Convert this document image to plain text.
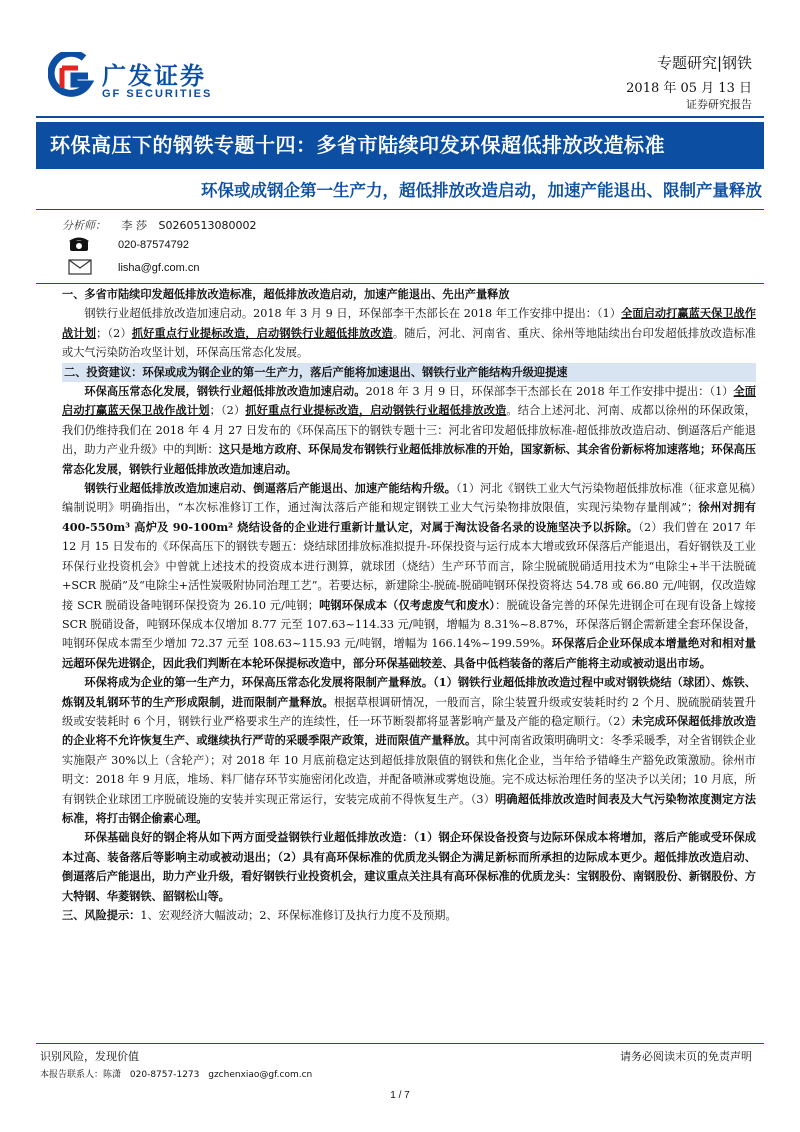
广发证券
GF SECURITIES
专题研究|钢铁
2018 年 05 月 13 日
证券研究报告
环保高压下的钢铁专题十四：多省市陆续印发环保超低排放改造标准
环保或成钢企第一生产力，超低排放改造启动，加速产能退出、限制产量释放
分析师： 李 莎 S0260513080002
020-87574792
lisha@gf.com.cn

一、多省市陆续印发超低排放改造标准，超低排放改造启动，加速产能退出、先出产量释放

钢铁行业超低排放改造加速启动。2018 年 3 月 9 日，环保部李干杰部长在 2018 年工作安排中提出：（1）全面启动打赢蓝天保卫战作战计划；（2）抓好重点行业提标改造，启动钢铁行业超低排放改造。随后，河北、河南省、重庆、徐州等地陆续出台印发超低排放改造标准或大气污染防治攻坚计划，环保高压常态化发展。

二、投资建议：环保或成为钢企业的第一生产力，落后产能将加速退出、钢铁行业产能结构升级迎提速

环保高压常态化发展，钢铁行业超低排放改造加速启动。2018 年 3 月 9 日，环保部李干杰部长在 2018 年工作安排中提出：（1）全面启动打赢蓝天保卫战作战计划；（2）抓好重点行业提标改造，启动钢铁行业超低排放改造。结合上述河北、河南、成都以徐州的环保政策，我们仍维持我们在 2018 年 4 月 27 日发布的《环保高压下的钢铁专题十三：河北省印发超低排放标准-超低排放改造启动、倒逼落后产能退出，助力产业升级》中的判断：这只是地方政府、环保局发布钢铁行业超低排放标准的开始，国家新标、其余省份新标将加速落地；环保高压常态化发展，钢铁行业超低排放改造加速启动。

钢铁行业超低排放改造加速启动、倒逼落后产能退出、加速产能结构升级。（1）河北《钢铁工业大气污染物超低排放标准（征求意见稿）编制说明》明确指出，“本次标准修订工作，通过淘汰落后产能和规定钢铁工业大气污染物排放限值，实现污染物存量削减”；徐州对拥有 400-550m³ 高炉及 90-100m² 烧结设备的企业进行重新计量认定，对属于淘汰设备名录的设施坚决予以拆除。（2）我们曾在 2017 年 12 月 15 日发布的《环保高压下的钢铁专题五：烧结球团排放标准拟提升-环保投资与运行成本大增或致环保落后产能退出，看好钢铁及工业环保行业投资机会》中曾就上述技术的投资成本进行测算，就球团（烧结）生产环节而言，除尘脱硫脱硝适用技术为“电除尘+半干法脱硫+SCR 脱硝”及“电除尘+活性炭吸附协同治理工艺”。若要达标，新建除尘-脱硫-脱硝吨钢环保投资将达 54.78 或 66.80 元/吨钢，仅改造嫁接 SCR 脱硝设备吨钢环保投资为 26.10 元/吨钢；吨钢环保成本（仅考虑废气和废水）：脱硫设备完善的环保先进钢企可在现有设备上嫁接 SCR 脱硝设备，吨钢环保成本仅增加 8.77 元至 107.63~114.33 元/吨钢，增幅为 8.31%~8.87%，环保落后钢企需新建全套环保设备，吨钢环保成本需至少增加 72.37 元至 108.63~115.93 元/吨钢，增幅为 166.14%~199.59%。环保落后企业环保成本增量绝对和相对量远超环保先进钢企，因此我们判断在本轮环保提标改造中，部分环保基础较差、具备中低档装备的落后产能将主动或被动退出市场。

环保将成为企业的第一生产力，环保高压常态化发展将限制产量释放。（1）钢铁行业超低排放改造过程中或对钢铁烧结（球团）、炼铁、炼钢及轧钢环节的生产形成限制，进而限制产量释放。根据草根调研情况，一般而言，除尘装置升级或安装耗时约 2 个月、脱硫脱硝装置升级或安装耗时 6 个月，钢铁行业严格要求生产的连续性，任一环节断裂都将显著影响产量及产能的稳定顺行。（2）未完成环保超低排放改造的企业将不允许恢复生产、或继续执行严苛的采暖季限产政策，进而限值产量释放。其中河南省政策明确明文：冬季采暖季，对全省钢铁企业实施限产 30%以上（含轮产）；对 2018 年 10 月底前稳定达到超低排放限值的钢铁和焦化企业，当年给予错峰生产豁免政策激励。徐州市明文：2018 年 9 月底，堆场、料厂储存环节实施密闭化改造，并配备喷淋或雾炮设施。完不成达标治理任务的坚决予以关闭；10 月底，所有钢铁企业球团工序脱硫设施的安装并实现正常运行，安装完成前不得恢复生产。（3）明确超低排放改造时间表及大气污染物浓度测定方法标准，将打击钢企偷素心理。

环保基础良好的钢企将从如下两方面受益钢铁行业超低排放改造：（1）钢企环保设备投资与边际环保成本将增加，落后产能或受环保成本过高、装备落后等影响主动或被动退出；（2）具有高环保标准的优质龙头钢企为满足新标而所承担的边际成本更少。超低排放改造启动、倒逼落后产能退出，助力产业升级，看好钢铁行业投资机会，建议重点关注具有高环保标准的优质龙头：宝钢股份、南钢股份、新钢股份、方大特钢、华菱钢铁、韶钢松山等。

三、风险提示：1、宏观经济大幅波动；2、环保标准修订及执行力度不及预期。

识别风险，发现价值	请务必阅读末页的免责声明
本报告联系人：陈潇 020-8757-1273 gzchenxiao@gf.com.cn
1 / 7
